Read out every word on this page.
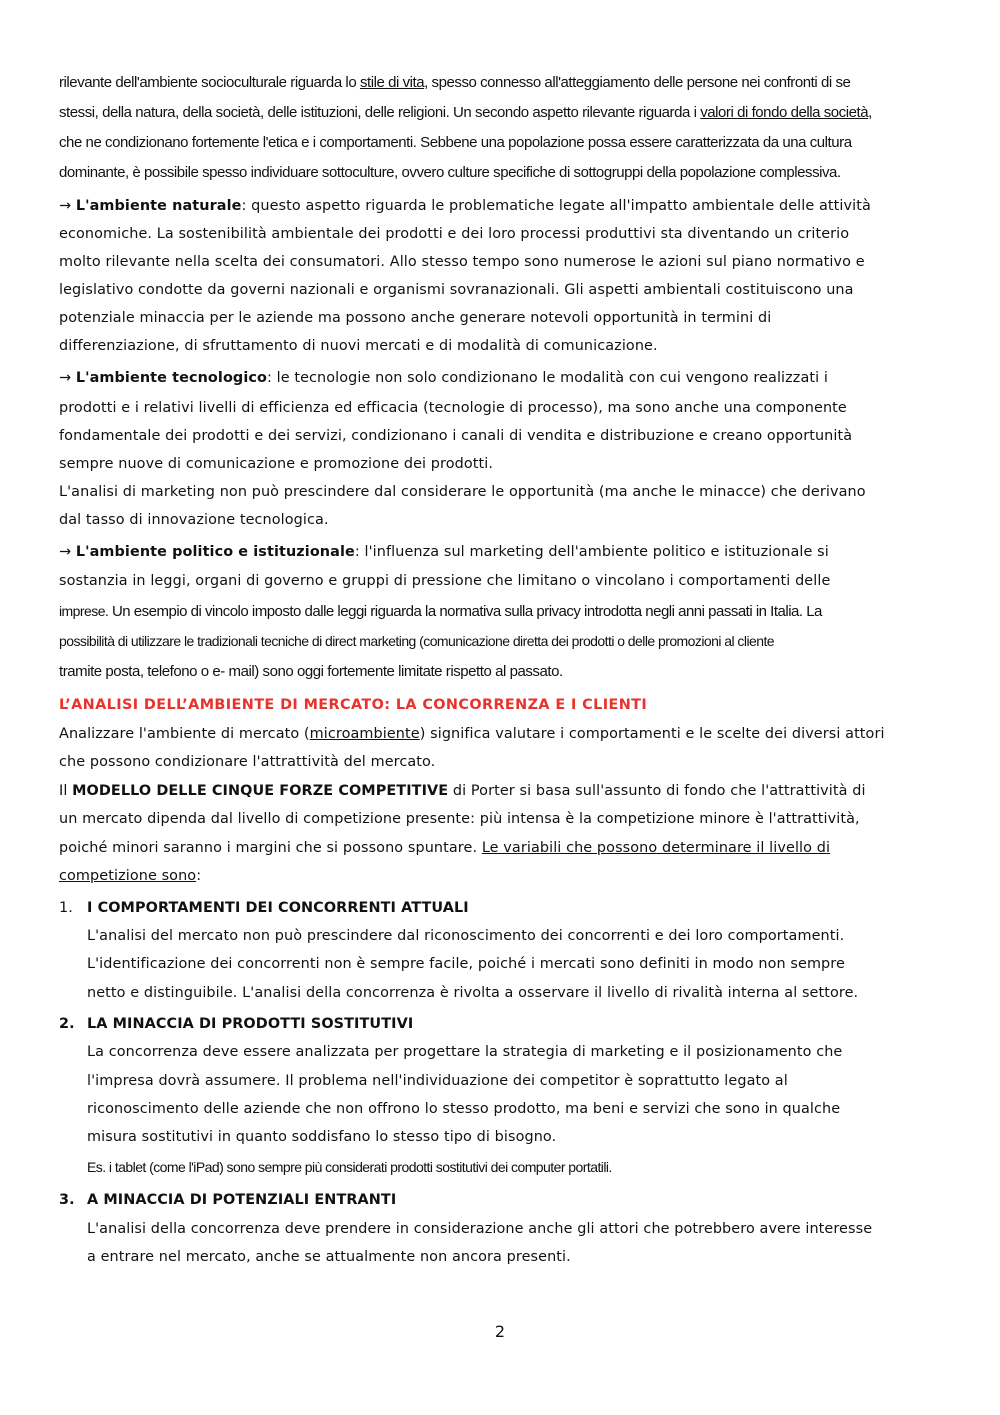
rilevante dell'ambiente socioculturale riguarda lo stile di vita, spesso connesso all'atteggiamento delle persone nei confronti di se

stessi, della natura, della società, delle istituzioni, delle religioni. Un secondo aspetto rilevante riguarda i valori di fondo della società,

che ne condizionano fortemente l'etica e i comportamenti. Sebbene una popolazione possa essere caratterizzata da una cultura

dominante, è possibile spesso individuare sottoculture, ovvero culture specifiche di sottogruppi della popolazione complessiva.

→ L'ambiente naturale: questo aspetto riguarda le problematiche legate all'impatto ambientale delle attività

economiche. La sostenibilità ambientale dei prodotti e dei loro processi produttivi sta diventando un criterio

molto rilevante nella scelta dei consumatori. Allo stesso tempo sono numerose le azioni sul piano normativo e

legislativo condotte da governi nazionali e organismi sovranazionali. Gli aspetti ambientali costituiscono una

potenziale minaccia per le aziende ma possono anche generare notevoli opportunità in termini di

differenziazione, di sfruttamento di nuovi mercati e di modalità di comunicazione.

→ L'ambiente tecnologico: le tecnologie non solo condizionano le modalità con cui vengono realizzati i

prodotti e i relativi livelli di efficienza ed efficacia (tecnologie di processo), ma sono anche una componente

fondamentale dei prodotti e dei servizi, condizionano i canali di vendita e distribuzione e creano opportunità

sempre nuove di comunicazione e promozione dei prodotti.

L'analisi di marketing non può prescindere dal considerare le opportunità (ma anche le minacce) che derivano

dal tasso di innovazione tecnologica.

→ L'ambiente politico e istituzionale: l'influenza sul marketing dell'ambiente politico e istituzionale si

sostanzia in leggi, organi di governo e gruppi di pressione che limitano o vincolano i comportamenti delle

imprese. Un esempio di vincolo imposto dalle leggi riguarda la normativa sulla privacy introdotta negli anni passati in Italia. La

possibilità di utilizzare le tradizionali tecniche di direct marketing (comunicazione diretta dei prodotti o delle promozioni al cliente

tramite posta, telefono o e- mail) sono oggi fortemente limitate rispetto al passato.

L’ANALISI DELL’AMBIENTE DI MERCATO: LA CONCORRENZA E I CLIENTI

Analizzare l'ambiente di mercato (microambiente) significa valutare i comportamenti e le scelte dei diversi attori

che possono condizionare l'attrattività del mercato.

Il MODELLO DELLE CINQUE FORZE COMPETITIVE di Porter si basa sull'assunto di fondo che l'attrattività di

un mercato dipenda dal livello di competizione presente: più intensa è la competizione minore è l'attrattività,

poiché minori saranno i margini che si possono spuntare. Le variabili che possono determinare il livello di

competizione sono:

1. I COMPORTAMENTI DEI CONCORRENTI ATTUALI

L'analisi del mercato non può prescindere dal riconoscimento dei concorrenti e dei loro comportamenti.

L'identificazione dei concorrenti non è sempre facile, poiché i mercati sono definiti in modo non sempre

netto e distinguibile. L'analisi della concorrenza è rivolta a osservare il livello di rivalità interna al settore.

2. LA MINACCIA DI PRODOTTI SOSTITUTIVI

La concorrenza deve essere analizzata per progettare la strategia di marketing e il posizionamento che

l'impresa dovrà assumere. Il problema nell'individuazione dei competitor è soprattutto legato al

riconoscimento delle aziende che non offrono lo stesso prodotto, ma beni e servizi che sono in qualche

misura sostitutivi in quanto soddisfano lo stesso tipo di bisogno.

Es. i tablet (come l'iPad) sono sempre più considerati prodotti sostitutivi dei computer portatili.

3. A MINACCIA DI POTENZIALI ENTRANTI

L'analisi della concorrenza deve prendere in considerazione anche gli attori che potrebbero avere interesse

a entrare nel mercato, anche se attualmente non ancora presenti.

2
